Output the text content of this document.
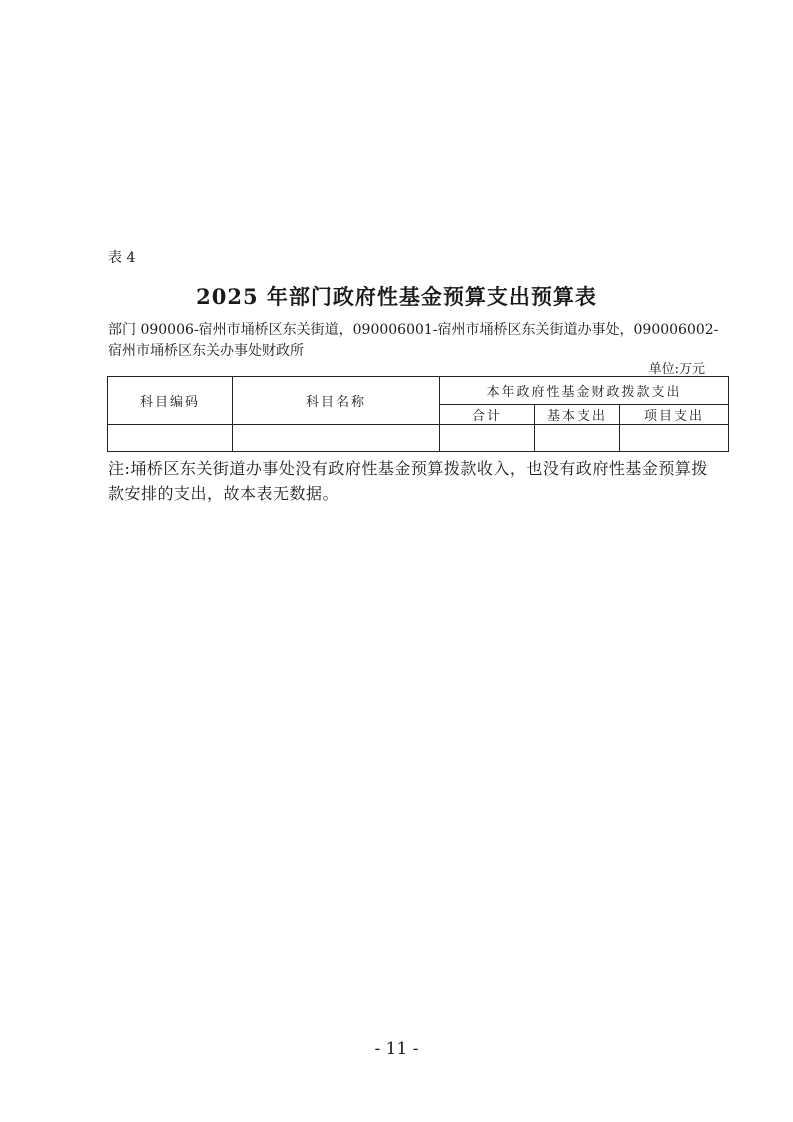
表 4
2025 年部门政府性基金预算支出预算表
部门 090006-宿州市埇桥区东关街道，090006001-宿州市埇桥区东关街道办事处，090006002-宿州市埇桥区东关办事处财政所
单位:万元
科目编码	科目名称	本年政府性基金财政拨款支出		
		合计	基本支出	项目支出

注:埇桥区东关街道办事处没有政府性基金预算拨款收入，也没有政府性基金预算拨款安排的支出，故本表无数据。
- 11 -
